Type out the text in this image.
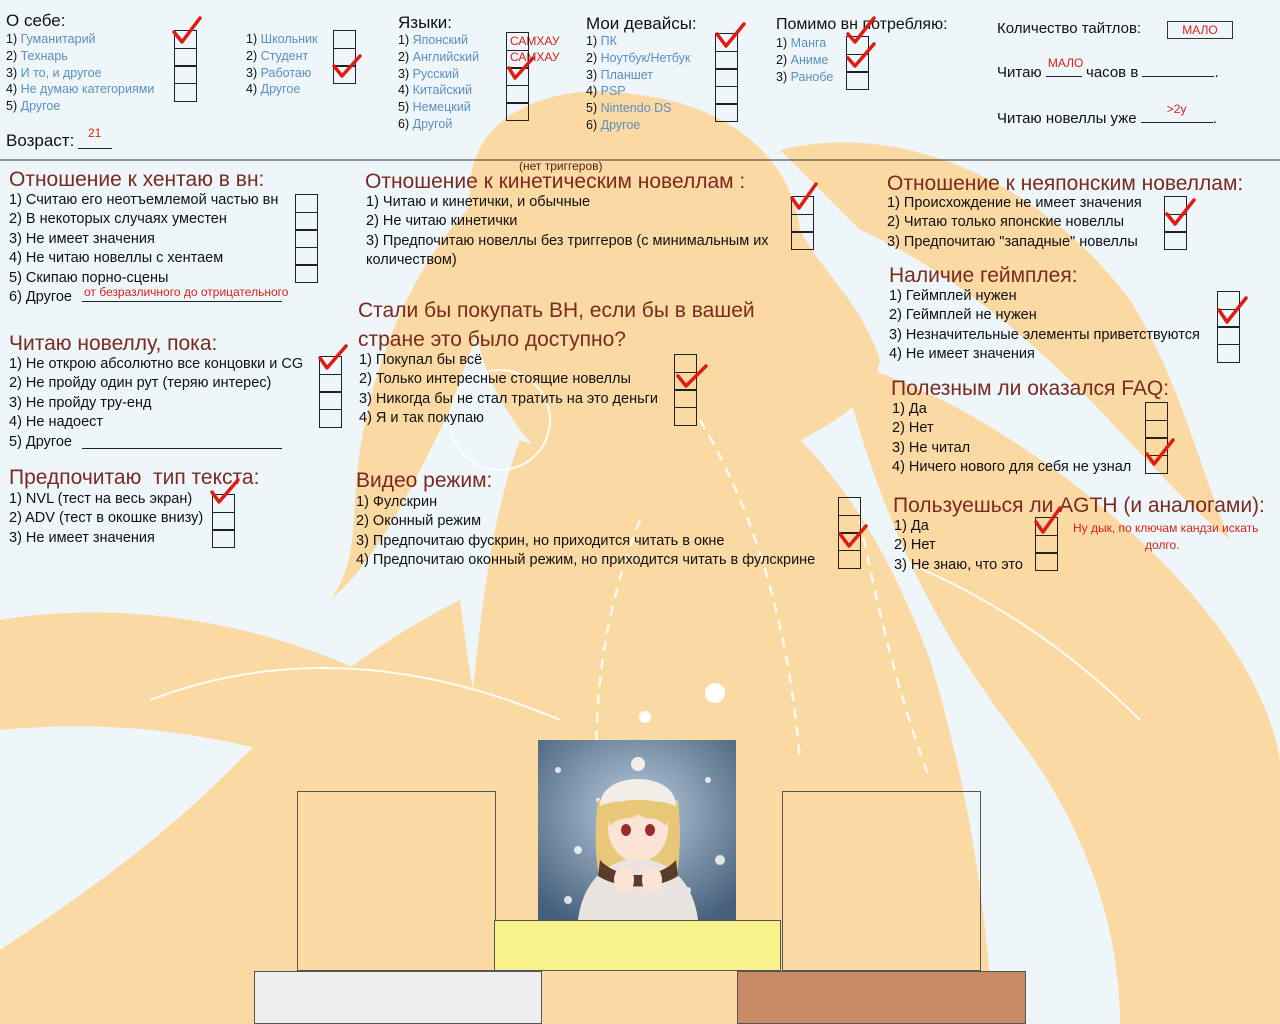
О себе:
1) Гуманитарий
2) Технарь
3) И то, и другое
4) Не думаю категориями
5) Другое
1) Школьник
2) Студент
3) Работаю
4) Другое
Возраст: 21
Языки:
1) Японский
2) Английский
3) Русский
4) Китайский
5) Немецкий
6) Другой
САМХАУ
САМХАУ
Мои девайсы:
1) ПК
2) Ноутбук/Нетбук
3) Планшет
4) PSP
5) Nintendo DS
6) Другое
Помимо вн потребляю:
1) Манга
2) Аниме
3) Ранобе
Количество тайтлов:	МАЛО
Читаю
МАЛО
часов в	.
Читаю новеллы уже
>2y
.
Отношение к хентаю в вн:
1) Считаю его неотъемлемой частью вн
2) В некоторых случаях уместен
3) Не имеет значения
4) Не читаю новеллы с хентаем
5) Скипаю порно-сцены
6) Другое	от безразличного до отрицательного
(нет триггеров)
Отношение к кинетическим новеллам :
1) Читаю и кинетички, и обычные
2) Не читаю кинетички
3) Предпочитаю новеллы без триггеров (с минимальным их
количеством)
Отношение к неяпонским новеллам:
1) Происхождение не имеет значения
2) Читаю только японские новеллы
3) Предпочитаю "западные" новеллы
Наличие геймплея:
1) Геймплей нужен
2) Геймплей не нужен
3) Незначительные элементы приветствуются
4) Не имеет значения
Стали бы покупать ВН, если бы в вашей
стране это было доступно?
1) Покупал бы всё
2) Только интересные стоящие новеллы
3) Никогда бы не стал тратить на это деньги
4) Я и так покупаю
Читаю новеллу, пока:
1) Не открою абсолютно все концовки и CG
2) Не пройду один рут (теряю интерес)
3) Не пройду тру-енд
4) Не надоест
5) Другое
Полезным ли оказался FAQ:
1) Да
2) Нет
3) Не читал
4) Ничего нового для себя не узнал
Предпочитаю  тип текста:
1) NVL (тест на весь экран)
2) ADV (тест в окошке внизу)
3) Не имеет значения
Видео режим:
1) Фулскрин
2) Оконный режим
3) Предпочитаю фускрин, но приходится читать в окне
4) Предпочитаю оконный режим, но приходится читать в фулскрине
Пользуешься ли AGTH (и аналогами):
1) Да
2) Нет
3) Не знаю, что это
Ну дык, по ключам кандзи искать
долго.
